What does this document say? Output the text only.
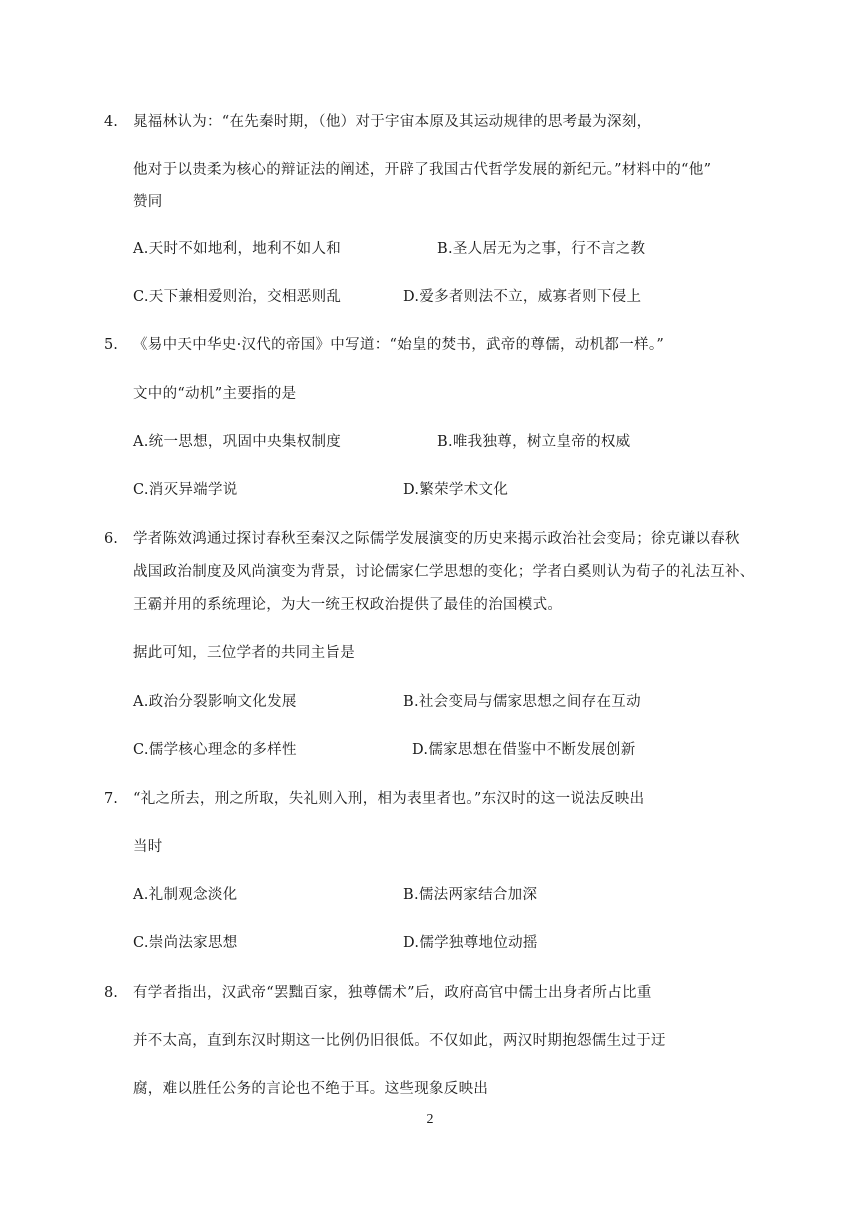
4. 晁福林认为：“在先秦时期，（他）对于宇宙本原及其运动规律的思考最为深刻，
他对于以贵柔为核心的辩证法的阐述，开辟了我国古代哲学发展的新纪元。”材料中的“他”
赞同
A.天时不如地利，地利不如人和	B.圣人居无为之事，行不言之教
C.天下兼相爱则治，交相恶则乱	D.爱多者则法不立，威寡者则下侵上
5. 《易中天中华史·汉代的帝国》中写道：“始皇的焚书，武帝的尊儒，动机都一样。”
文中的“动机”主要指的是
A.统一思想，巩固中央集权制度	B.唯我独尊，树立皇帝的权威
C.消灭异端学说	D.繁荣学术文化
6. 学者陈效鸿通过探讨春秋至秦汉之际儒学发展演变的历史来揭示政治社会变局；徐克谦以春秋
战国政治制度及风尚演变为背景，讨论儒家仁学思想的变化；学者白奚则认为荀子的礼法互补、
王霸并用的系统理论，为大一统王权政治提供了最佳的治国模式。
据此可知，三位学者的共同主旨是
A.政治分裂影响文化发展	B.社会变局与儒家思想之间存在互动
C.儒学核心理念的多样性	D.儒家思想在借鉴中不断发展创新
7. “礼之所去，刑之所取，失礼则入刑，相为表里者也。”东汉时的这一说法反映出
当时
A.礼制观念淡化	B.儒法两家结合加深
C.崇尚法家思想	D.儒学独尊地位动摇
8. 有学者指出，汉武帝“罢黜百家，独尊儒术”后，政府高官中儒士出身者所占比重
并不太高，直到东汉时期这一比例仍旧很低。不仅如此，两汉时期抱怨儒生过于迂
腐，难以胜任公务的言论也不绝于耳。这些现象反映出
2
